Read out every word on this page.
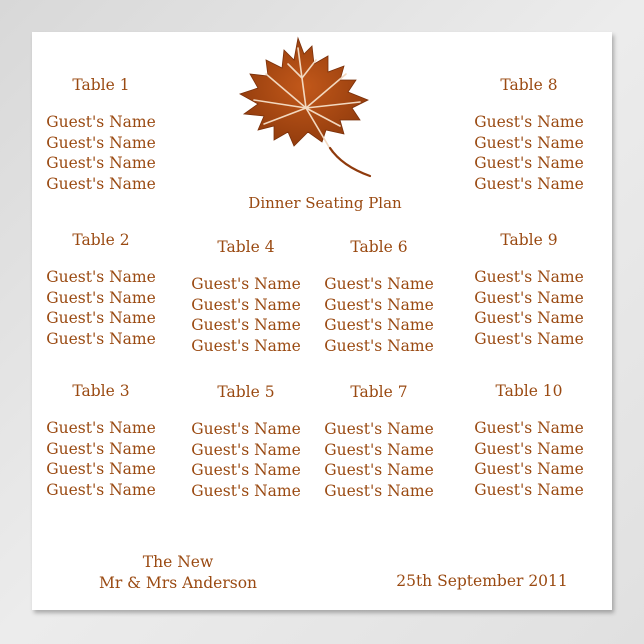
Dinner Seating Plan
Table 1
Guest's Name
Guest's Name
Guest's Name
Guest's Name
Table 2
Guest's Name
Guest's Name
Guest's Name
Guest's Name
Table 3
Guest's Name
Guest's Name
Guest's Name
Guest's Name
Table 4
Guest's Name
Guest's Name
Guest's Name
Guest's Name
Table 5
Guest's Name
Guest's Name
Guest's Name
Guest's Name
Table 6
Guest's Name
Guest's Name
Guest's Name
Guest's Name
Table 7
Guest's Name
Guest's Name
Guest's Name
Guest's Name
Table 8
Guest's Name
Guest's Name
Guest's Name
Guest's Name
Table 9
Guest's Name
Guest's Name
Guest's Name
Guest's Name
Table 10
Guest's Name
Guest's Name
Guest's Name
Guest's Name
The New
Mr & Mrs Anderson	25th September 2011
